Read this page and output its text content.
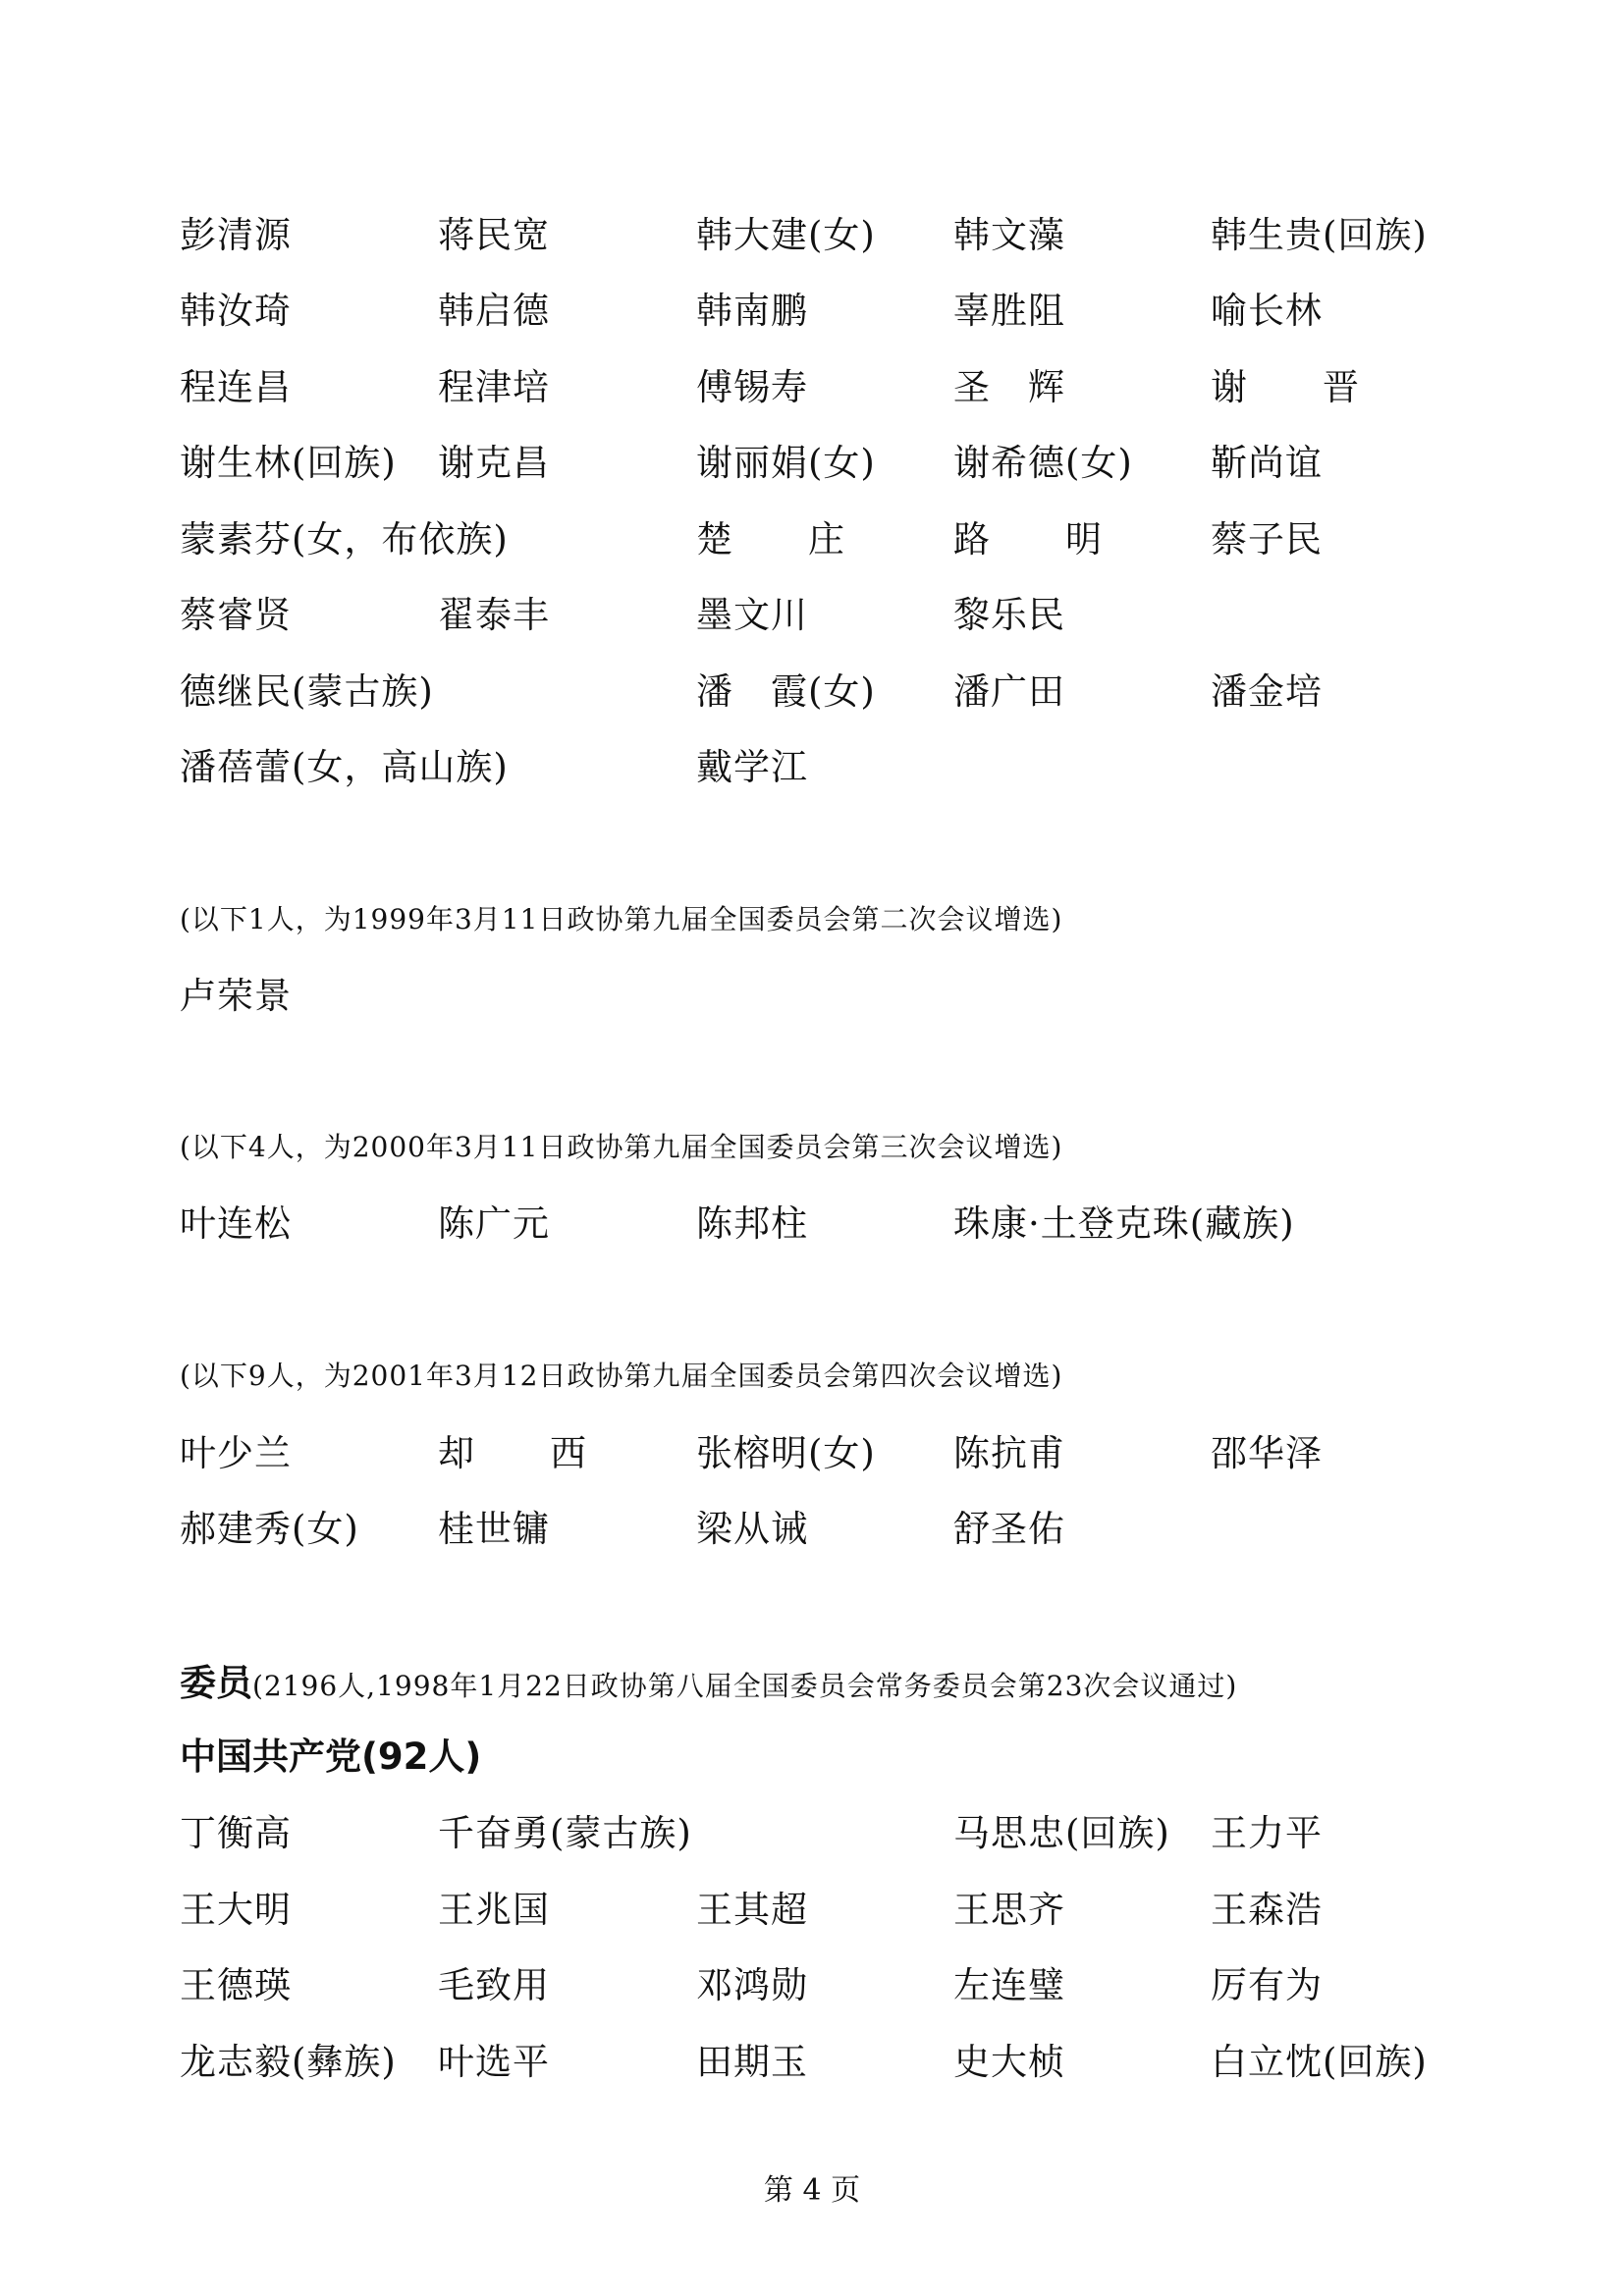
彭清源	蒋民宽	韩大建(女) 韩文藻	韩生贵(回族)
韩汝琦	韩启德	韩南鹏	辜胜阻	喻长林
程连昌	程津培	傅锡寿	圣　辉	谢　　晋
谢生林(回族) 谢克昌	谢丽娟(女) 谢希德(女) 靳尚谊
蒙素芬(女，布依族)	楚　　庄	路　　明	蔡子民
蔡睿贤	翟泰丰	墨文川	黎乐民
德继民(蒙古族)	潘　霞(女) 潘广田	潘金培
潘蓓蕾(女，高山族)	戴学江
(以下1人，为1999年3月11日政协第九届全国委员会第二次会议增选)
卢荣景
(以下4人，为2000年3月11日政协第九届全国委员会第三次会议增选)
叶连松	陈广元	陈邦柱	珠康·土登克珠(藏族)
(以下9人，为2001年3月12日政协第九届全国委员会第四次会议增选)
叶少兰	却　　西	张榕明(女) 陈抗甫	邵华泽
郝建秀(女) 桂世镛	梁从诫	舒圣佑
委员(2196人,1998年1月22日政协第八届全国委员会常务委员会第23次会议通过)
中国共产党(92人)
丁衡高	千奋勇(蒙古族)	马思忠(回族) 王力平
王大明	王兆国	王其超	王思齐	王森浩
王德瑛	毛致用	邓鸿勋	左连璧	厉有为
龙志毅(彝族) 叶选平	田期玉	史大桢	白立忱(回族)
第 4 页
